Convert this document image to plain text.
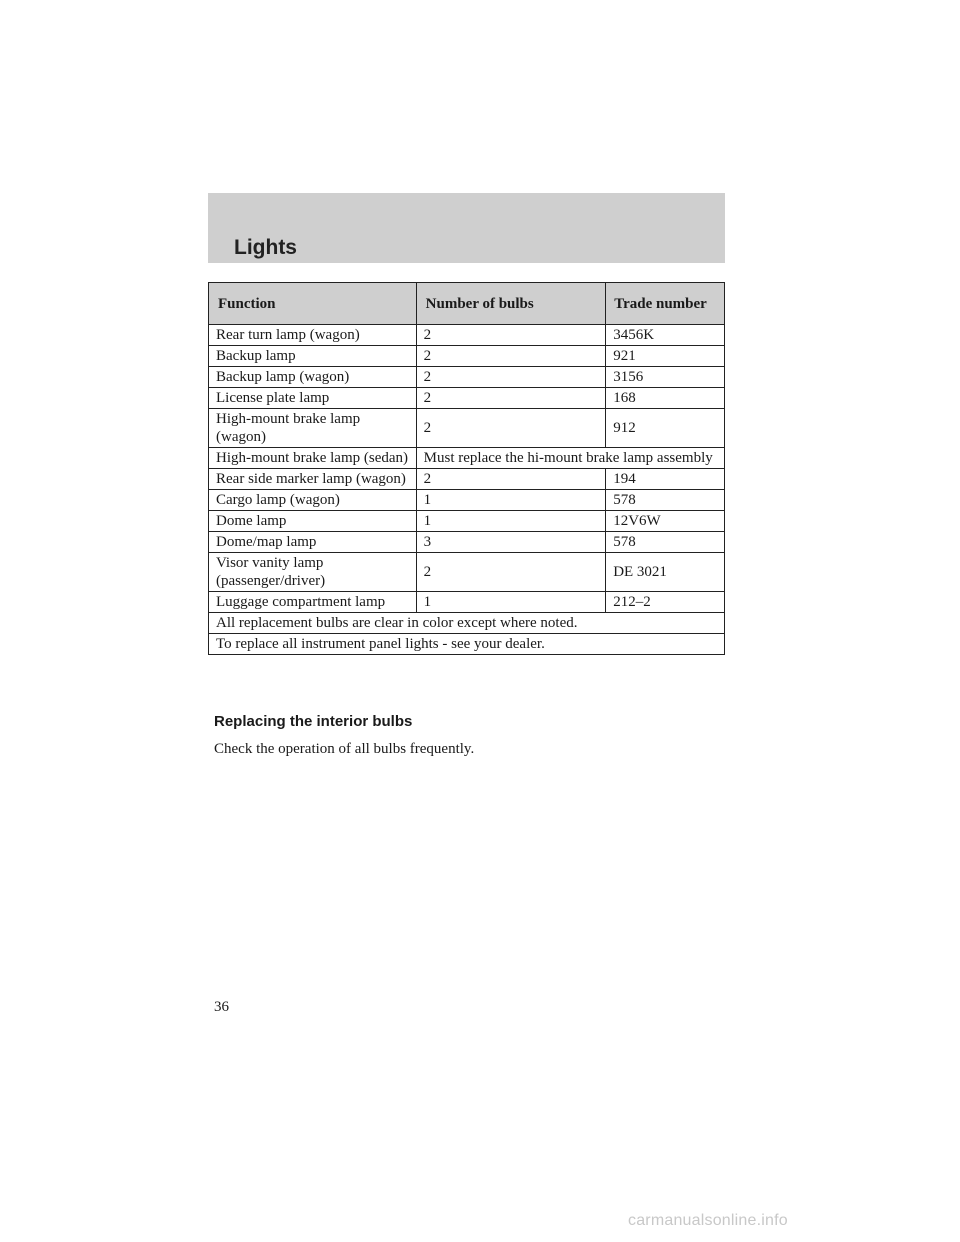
Lights
Function	Number of bulbs	Trade number
Rear turn lamp (wagon)	2	3456K
Backup lamp	2	921
Backup lamp (wagon)	2	3156
License plate lamp	2	168
High-mount brake lamp (wagon)	2	912
High-mount brake lamp (sedan)	Must replace the hi-mount brake lamp assembly	
Rear side marker lamp (wagon)	2	194
Cargo lamp (wagon)	1	578
Dome lamp	1	12V6W
Dome/map lamp	3	578
Visor vanity lamp (passenger/driver)	2	DE 3021
Luggage compartment lamp	1	212–2
All replacement bulbs are clear in color except where noted.		
To replace all instrument panel lights - see your dealer.		
Replacing the interior bulbs

Check the operation of all bulbs frequently.

36

carmanualsonline.info
